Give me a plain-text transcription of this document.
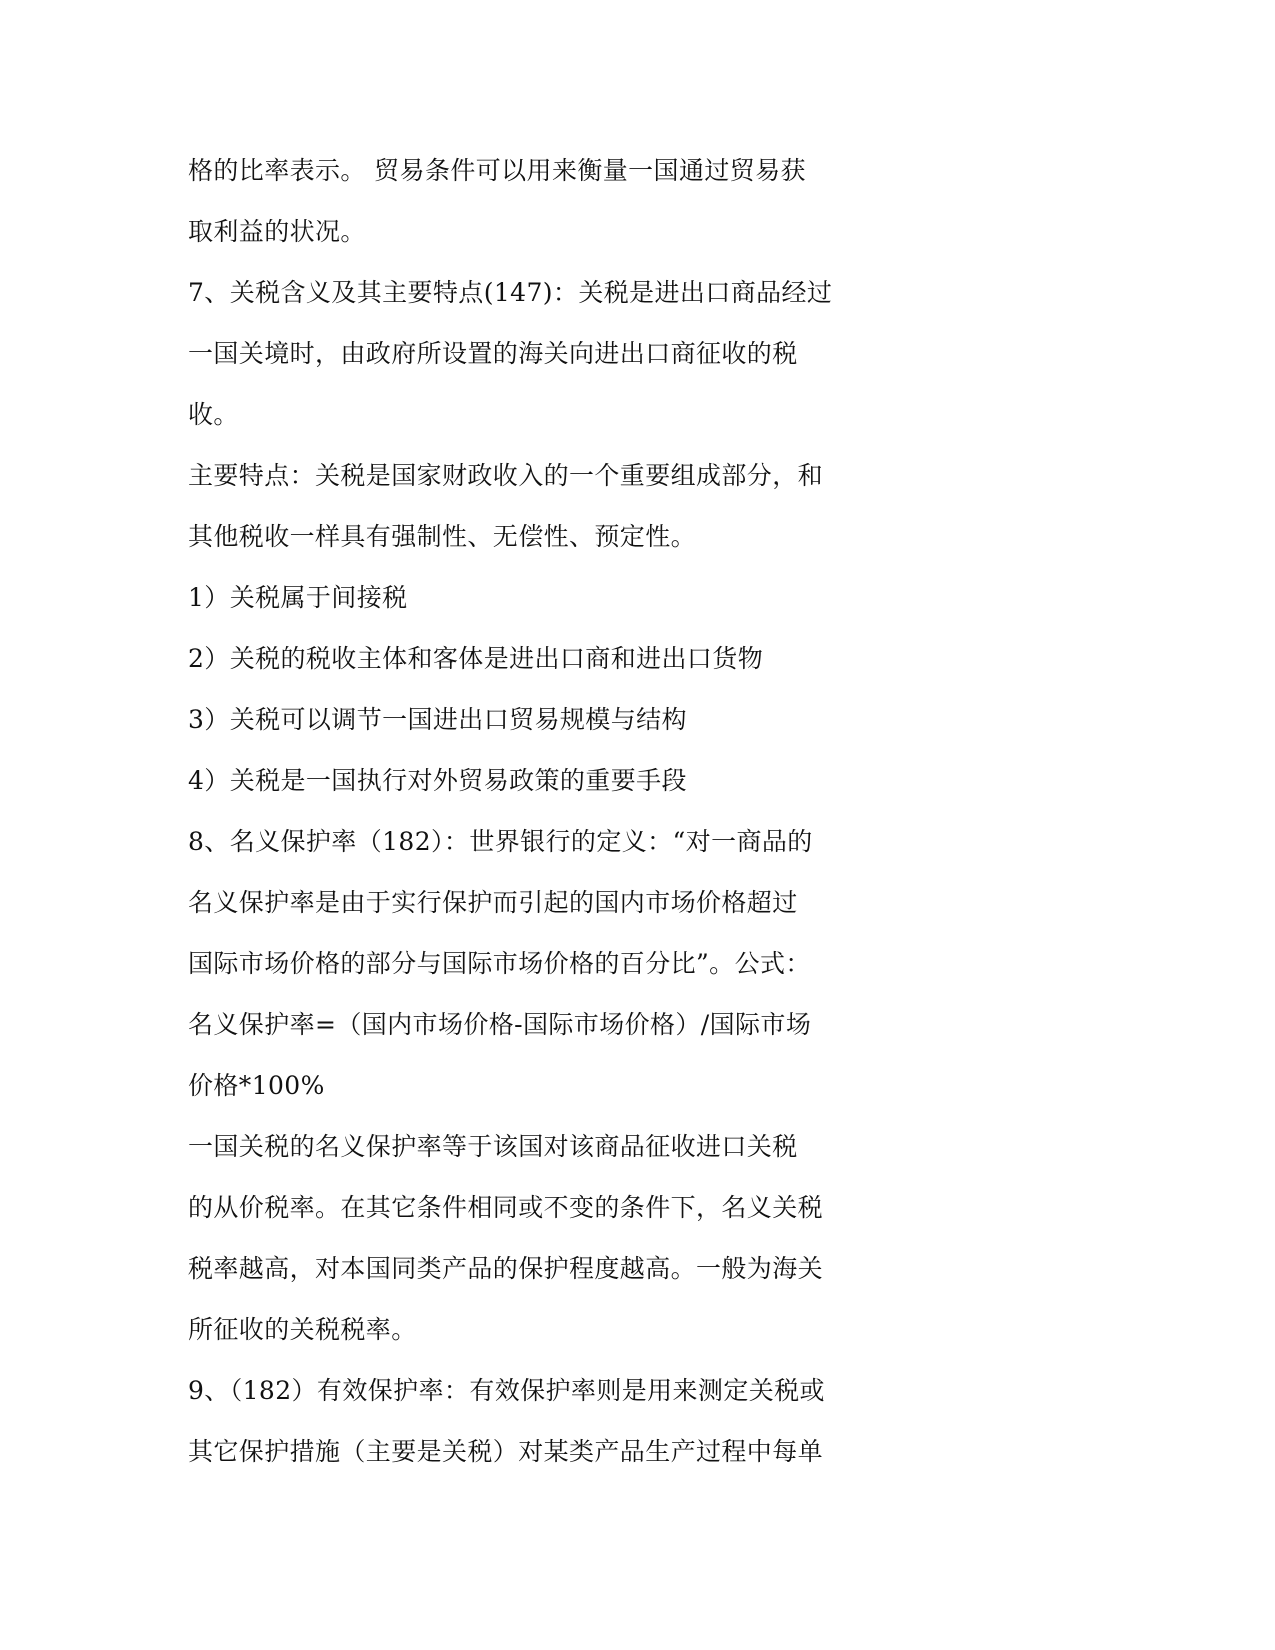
格的比率表示。 贸易条件可以用来衡量一国通过贸易获
取利益的状况。
7、关税含义及其主要特点(147)：关税是进出口商品经过
一国关境时，由政府所设置的海关向进出口商征收的税
收。
主要特点：关税是国家财政收入的一个重要组成部分，和
其他税收一样具有强制性、无偿性、预定性。
1）关税属于间接税
2）关税的税收主体和客体是进出口商和进出口货物
3）关税可以调节一国进出口贸易规模与结构
4）关税是一国执行对外贸易政策的重要手段
8、名义保护率（182）：世界银行的定义：“对一商品的
名义保护率是由于实行保护而引起的国内市场价格超过
国际市场价格的部分与国际市场价格的百分比”。公式：
名义保护率=（国内市场价格-国际市场价格）/国际市场
价格*100%
一国关税的名义保护率等于该国对该商品征收进口关税
的从价税率。在其它条件相同或不变的条件下，名义关税
税率越高，对本国同类产品的保护程度越高。一般为海关
所征收的关税税率。
9、（182）有效保护率：有效保护率则是用来测定关税或
其它保护措施（主要是关税）对某类产品生产过程中每单
